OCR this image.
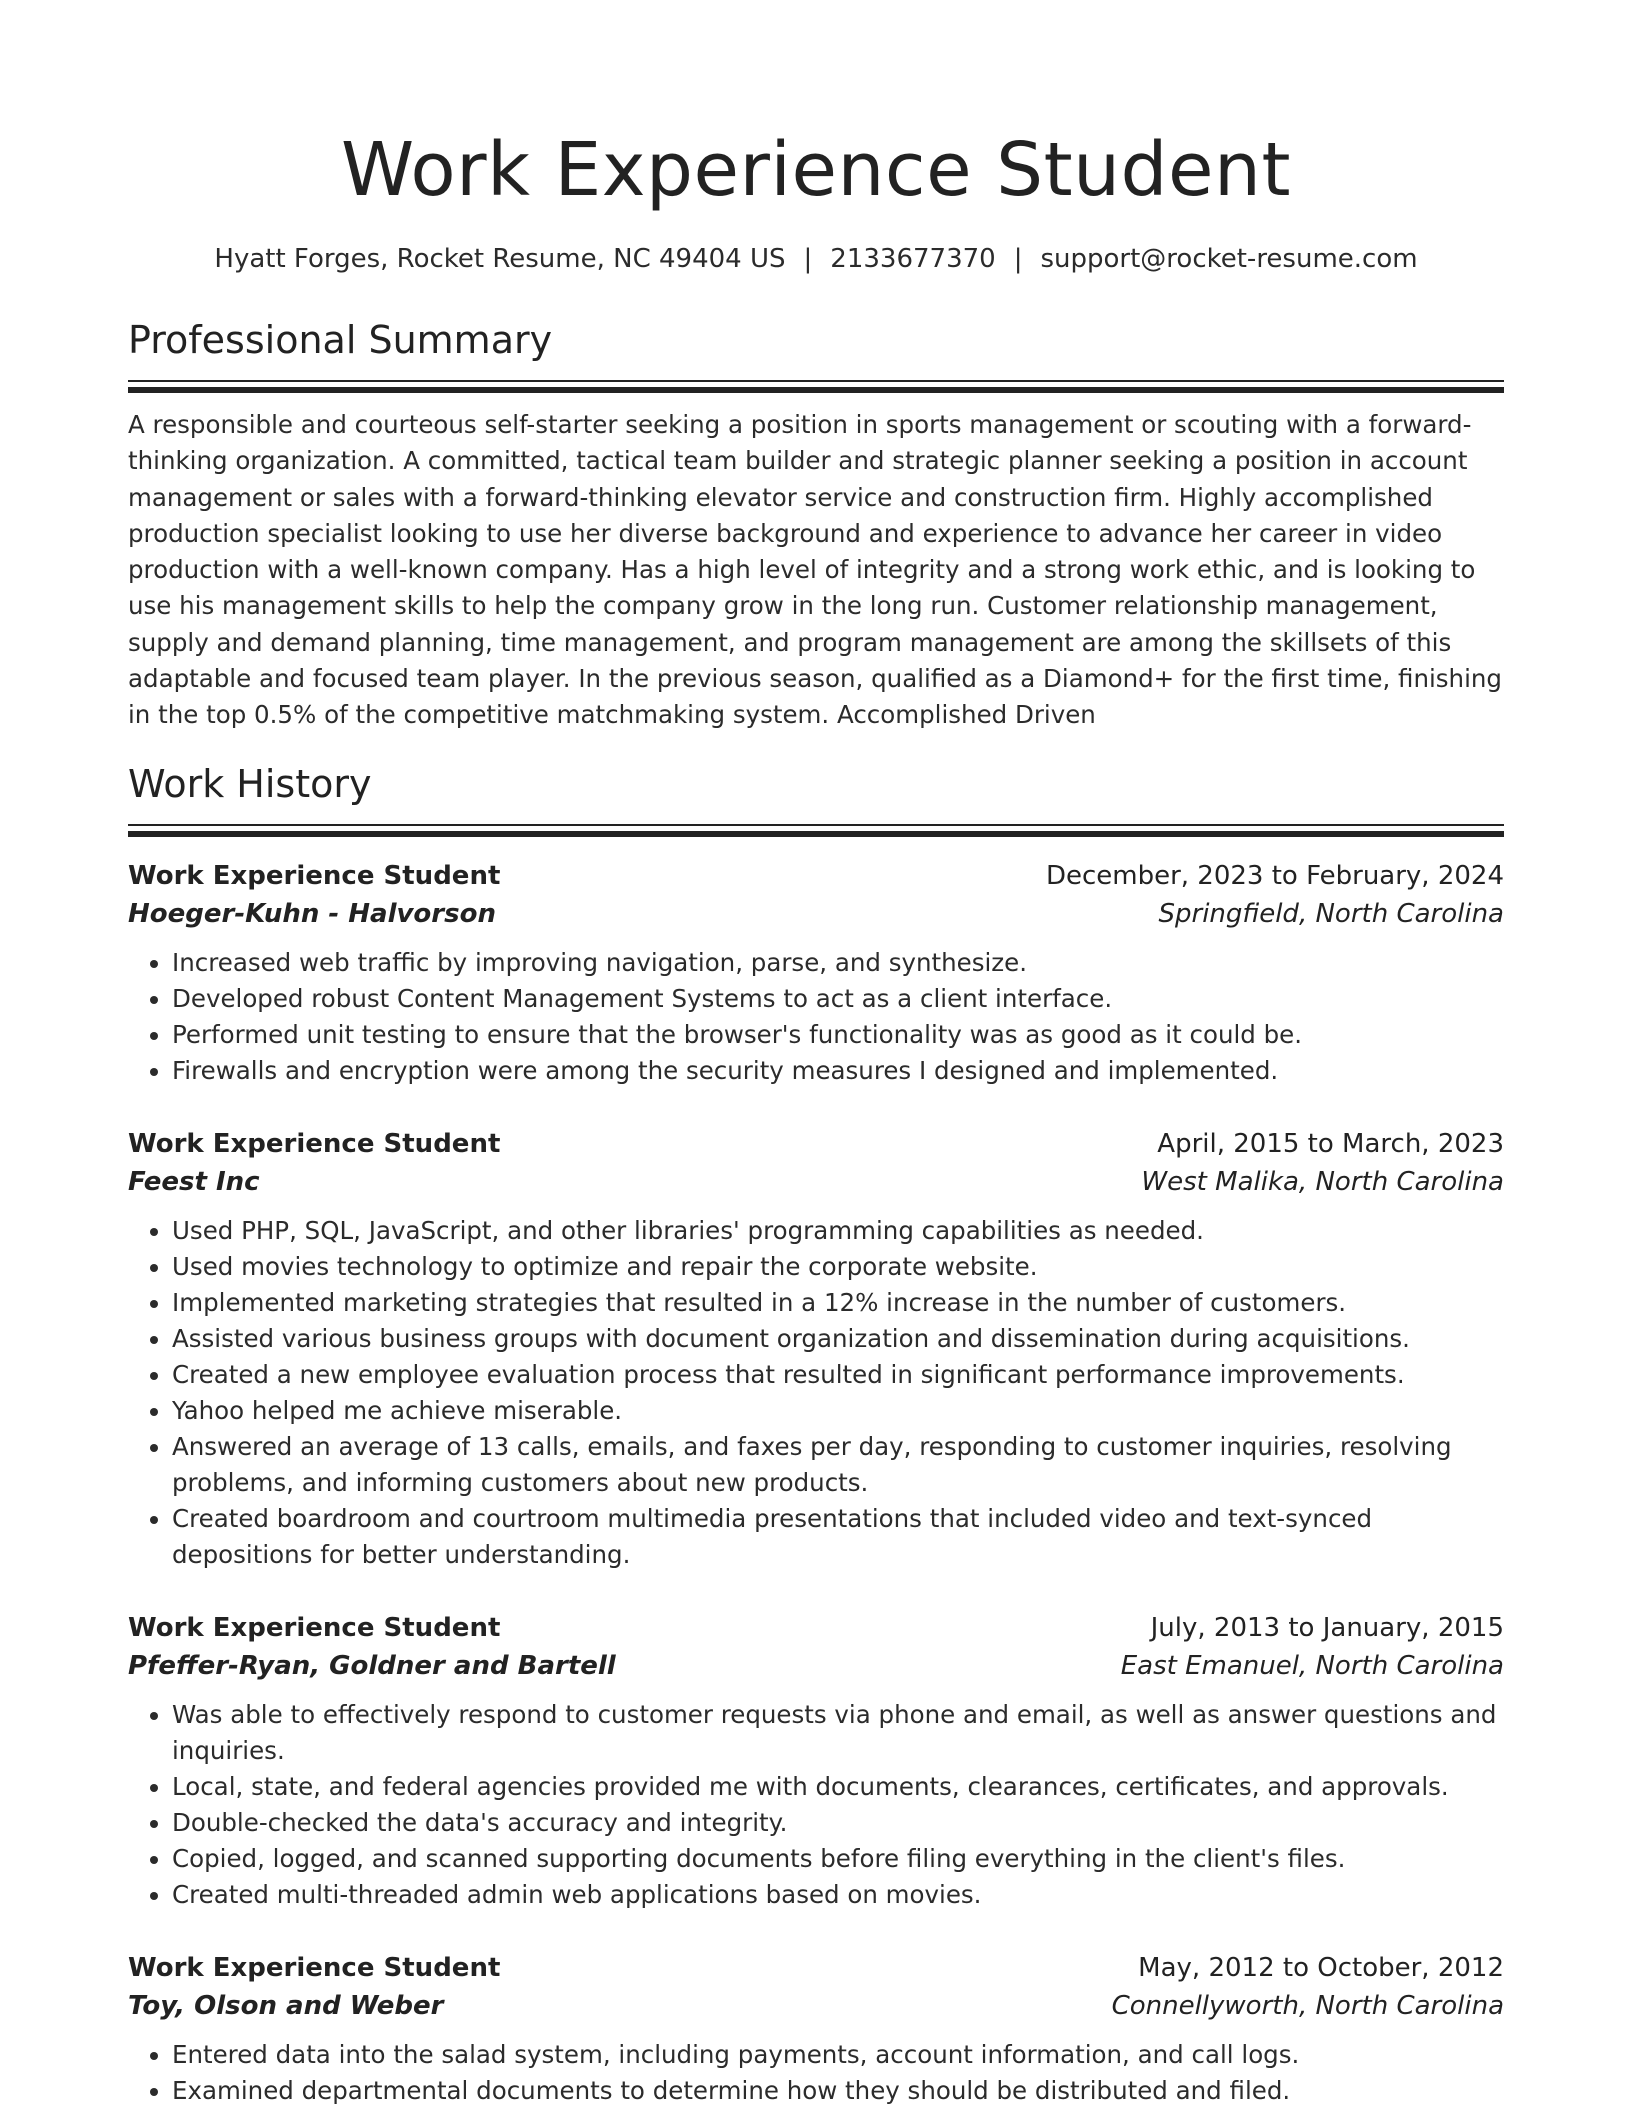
Work Experience Student
Hyatt Forges, Rocket Resume, NC 49404 US | 2133677370 | support@rocket-resume.com
Professional Summary

A responsible and courteous self-starter seeking a position in sports management or scouting with a forward-thinking organization. A committed, tactical team builder and strategic planner seeking a position in account management or sales with a forward-thinking elevator service and construction firm. Highly accomplished production specialist looking to use her diverse background and experience to advance her career in video production with a well-known company. Has a high level of integrity and a strong work ethic, and is looking to use his management skills to help the company grow in the long run. Customer relationship management, supply and demand planning, time management, and program management are among the skillsets of this adaptable and focused team player. In the previous season, qualified as a Diamond+ for the first time, finishing in the top 0.5% of the competitive matchmaking system. Accomplished Driven

Work History
Work Experience Student	December, 2023 to February, 2024
Hoeger-Kuhn - Halvorson	Springfield, North Carolina
• Increased web traffic by improving navigation, parse, and synthesize.
• Developed robust Content Management Systems to act as a client interface.
• Performed unit testing to ensure that the browser's functionality was as good as it could be.
• Firewalls and encryption were among the security measures I designed and implemented.
Work Experience Student	April, 2015 to March, 2023
Feest Inc	West Malika, North Carolina
• Used PHP, SQL, JavaScript, and other libraries' programming capabilities as needed.
• Used movies technology to optimize and repair the corporate website.
• Implemented marketing strategies that resulted in a 12% increase in the number of customers.
• Assisted various business groups with document organization and dissemination during acquisitions.
• Created a new employee evaluation process that resulted in significant performance improvements.
• Yahoo helped me achieve miserable.
• Answered an average of 13 calls, emails, and faxes per day, responding to customer inquiries, resolving problems, and informing customers about new products.
• Created boardroom and courtroom multimedia presentations that included video and text-synced depositions for better understanding.
Work Experience Student	July, 2013 to January, 2015
Pfeffer-Ryan, Goldner and Bartell	East Emanuel, North Carolina
• Was able to effectively respond to customer requests via phone and email, as well as answer questions and inquiries.
• Local, state, and federal agencies provided me with documents, clearances, certificates, and approvals.
• Double-checked the data's accuracy and integrity.
• Copied, logged, and scanned supporting documents before filing everything in the client's files.
• Created multi-threaded admin web applications based on movies.
Work Experience Student	May, 2012 to October, 2012
Toy, Olson and Weber	Connellyworth, North Carolina
• Entered data into the salad system, including payments, account information, and call logs.
• Examined departmental documents to determine how they should be distributed and filed.
